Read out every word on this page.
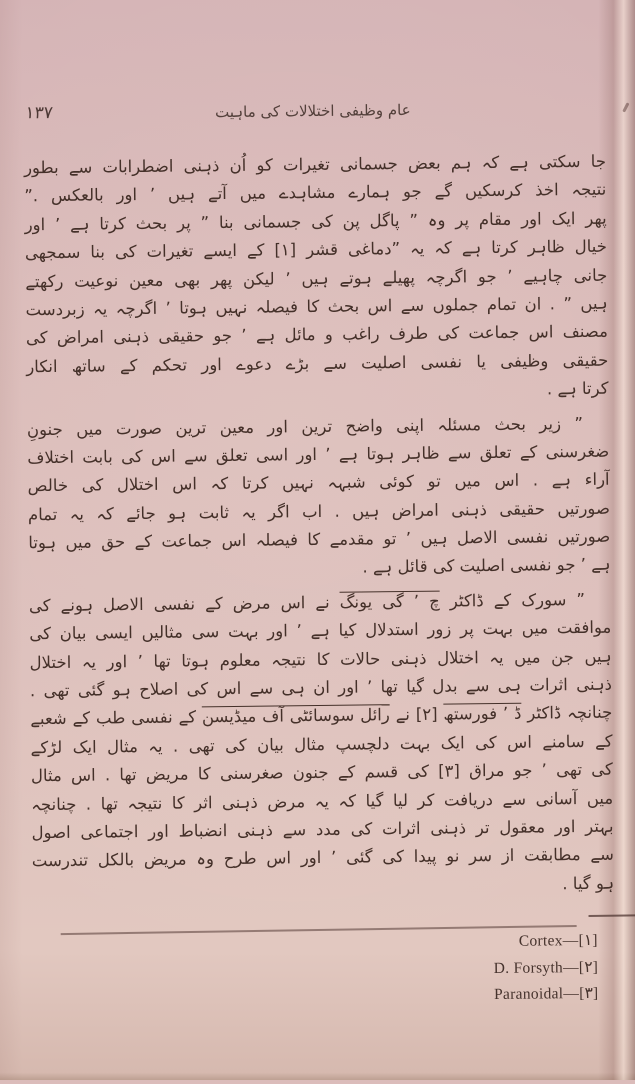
۱۳۷	عام وظیفی اختلالات کی ماہیت
جا سکتی ہے کہ ہم بعض جسمانی تغیرات کو اُن ذہنی اضطرابات سے بطور
نتیجہ اخذ کرسکیں گے جو ہمارے مشاہدے میں آتے ہیں ’ اور بالعکس .”
پھر ایک اور مقام پر وہ ” پاگل پن کی جسمانی بنا ” پر بحث کرتا ہے ’ اور
خیال ظاہر کرتا ہے کہ یہ ”دماغی قشر [۱] کے ایسے تغیرات کی بنا سمجھی
جانی چاہیے ’ جو اگرچہ پھیلے ہوتے ہیں ’ لیکن پھر بھی معین نوعیت رکھتے
ہیں ” . ان تمام جملوں سے اس بحث کا فیصلہ نہیں ہوتا ’ اگرچہ یہ زبردست
مصنف اس جماعت کی طرف راغب و مائل ہے ’ جو حقیقی ذہنی امراض کی
حقیقی وظیفی یا نفسی اصلیت سے بڑے دعوے اور تحکم کے ساتھ انکار
کرتا ہے .
” زیر بحث مسئلہ اپنی واضح ترین اور معین ترین صورت میں جنونِ
ضغرسنی کے تعلق سے ظاہر ہوتا ہے ’ اور اسی تعلق سے اس کی بابت اختلاف
آراء ہے . اس میں تو کوئی شبہہ نہیں کرتا کہ اس اختلال کی خالص
صورتیں حقیقی ذہنی امراض ہیں . اب اگر یہ ثابت ہو جائے کہ یہ تمام
صورتیں نفسی الاصل ہیں ’ تو مقدمے کا فیصلہ اس جماعت کے حق میں ہوتا
ہے ’ جو نفسی اصلیت کی قائل ہے .
” سورک کے ڈاکٹر چ ’ گی یونگ نے اس مرض کے نفسی الاصل ہونے کی
موافقت میں بہت پر زور استدلال کیا ہے ’ اور بہت سی مثالیں ایسی بیان کی
ہیں جن میں یہ اختلال ذہنی حالات کا نتیجہ معلوم ہوتا تھا ’ اور یہ اختلال
ذہنی اثرات ہی سے بدل گیا تھا ’ اور ان ہی سے اس کی اصلاح ہو گئی تھی .
چنانچہ ڈاکٹر ڈ ’ فورستھ [۲] نے رائل سوسائٹی آف میڈیسن کے نفسی طب کے شعبے
کے سامنے اس کی ایک بہت دلچسپ مثال بیان کی تھی . یہ مثال ایک لڑکے
کی تھی ’ جو مراق [۳] کی قسم کے جنون صغرسنی کا مریض تھا . اس مثال
میں آسانی سے دریافت کر لیا گیا کہ یہ مرض ذہنی اثر کا نتیجہ تھا . چنانچہ
بہتر اور معقول تر ذہنی اثرات کی مدد سے ذہنی انضباط اور اجتماعی اصول
سے مطابقت از سر نو پیدا کی گئی ’ اور اس طرح وہ مریض بالکل تندرست
ہو گیا .
Cortex—[۱]
D. Forsyth—[۲]
Paranoidal—[۳]
